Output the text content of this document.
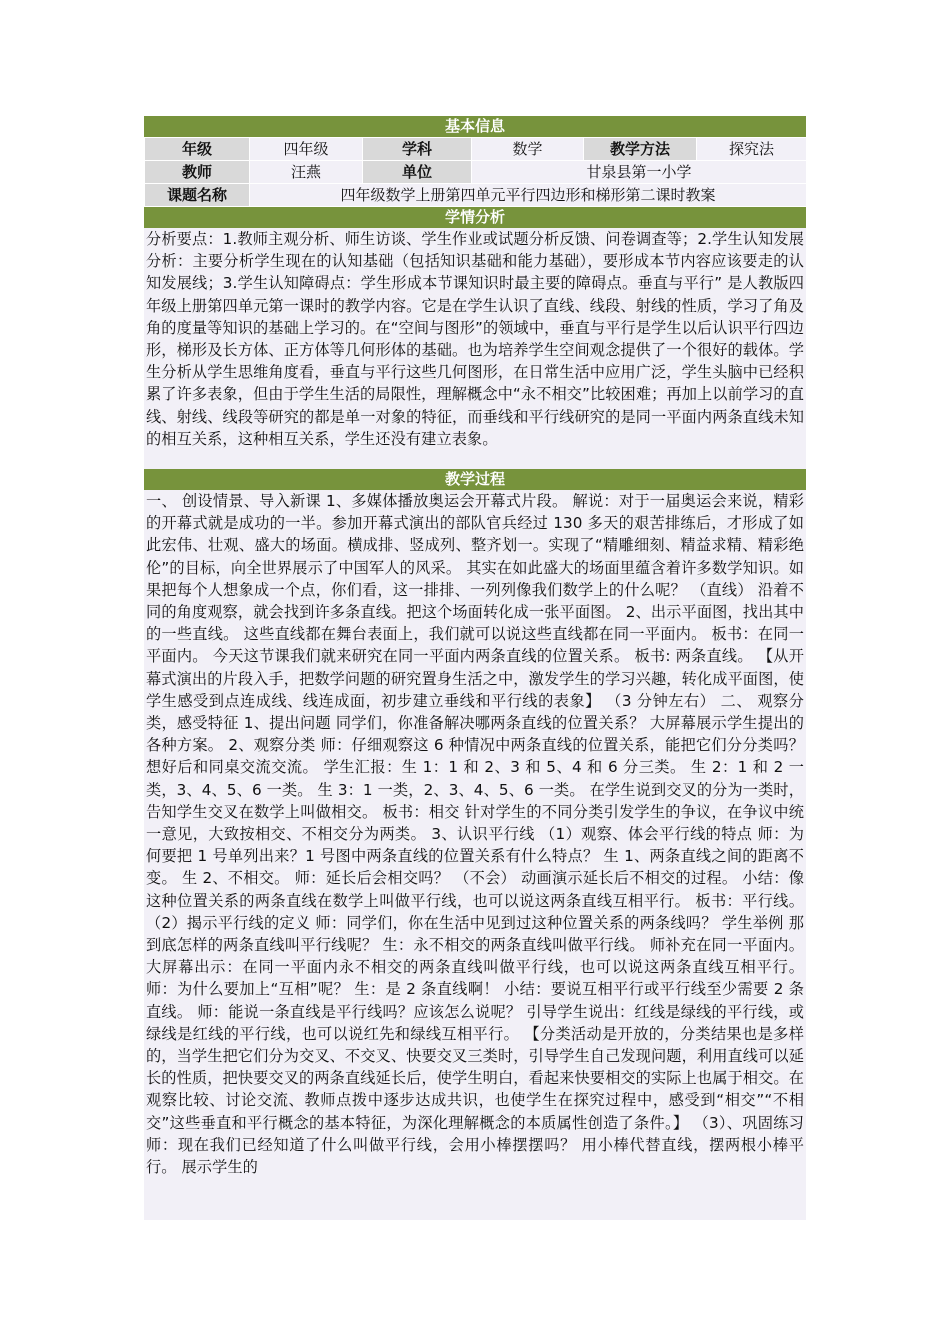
基本信息
年级	四年级	学科	数学	教学方法	探究法
教师	汪燕	单位	甘泉县第一小学		
课题名称	四年级数学上册第四单元平行四边形和梯形第二课时教案				
学情分析
分析要点：1.教师主观分析、师生访谈、学生作业或试题分析反馈、问卷调查等；2.学生认知发展分析：主要分析学生现在的认知基础（包括知识基础和能力基础），要形成本节内容应该要走的认知发展线；3.学生认知障碍点：学生形成本节课知识时最主要的障碍点。垂直与平行” 是人教版四年级上册第四单元第一课时的教学内容。它是在学生认识了直线、线段、射线的性质，学习了角及角的度量等知识的基础上学习的。在“空间与图形”的领域中，垂直与平行是学生以后认识平行四边形，梯形及长方体、正方体等几何形体的基础。也为培养学生空间观念提供了一个很好的载体。学生分析从学生思维角度看，垂直与平行这些几何图形，在日常生活中应用广泛，学生头脑中已经积累了许多表象，但由于学生生活的局限性，理解概念中“永不相交”比较困难；再加上以前学习的直线、射线、线段等研究的都是单一对象的特征，而垂线和平行线研究的是同一平面内两条直线未知的相互关系，这种相互关系，学生还没有建立表象。
教学过程
一、 创设情景、导入新课 1、多媒体播放奥运会开幕式片段。 解说：对于一届奥运会来说，精彩的开幕式就是成功的一半。参加开幕式演出的部队官兵经过 130 多天的艰苦排练后，才形成了如此宏伟、壮观、盛大的场面。横成排、竖成列、整齐划一。实现了“精雕细刻、精益求精、精彩绝伦”的目标，向全世界展示了中国军人的风采。 其实在如此盛大的场面里蕴含着许多数学知识。如果把每个人想象成一个点，你们看，这一排排、一列列像我们数学上的什么呢？ （直线） 沿着不同的角度观察，就会找到许多条直线。把这个场面转化成一张平面图。 2、出示平面图，找出其中的一些直线。 这些直线都在舞台表面上，我们就可以说这些直线都在同一平面内。 板书：在同一平面内。 今天这节课我们就来研究在同一平面内两条直线的位置关系。 板书: 两条直线。 【从开幕式演出的片段入手，把数学问题的研究置身生活之中，激发学生的学习兴趣，转化成平面图，使学生感受到点连成线、线连成面，初步建立垂线和平行线的表象】 （3 分钟左右） 二、 观察分类，感受特征 1、提出问题 同学们，你准备解决哪两条直线的位置关系？ 大屏幕展示学生提出的各种方案。 2、观察分类 师：仔细观察这 6 种情况中两条直线的位置关系，能把它们分分类吗？想好后和同桌交流交流。 学生汇报：生 1：1 和 2、3 和 5、4 和 6 分三类。 生 2：1 和 2 一类，3、4、5、6 一类。 生 3：1 一类，2、3、4、5、6 一类。 在学生说到交叉的分为一类时，告知学生交叉在数学上叫做相交。 板书：相交 针对学生的不同分类引发学生的争议，在争议中统一意见，大致按相交、不相交分为两类。 3、认识平行线 （1）观察、体会平行线的特点 师：为何要把 1 号单列出来？1 号图中两条直线的位置关系有什么特点？ 生 1、两条直线之间的距离不变。 生 2、不相交。 师：延长后会相交吗？ （不会） 动画演示延长后不相交的过程。 小结：像这种位置关系的两条直线在数学上叫做平行线，也可以说这两条直线互相平行。 板书：平行线。 （2）揭示平行线的定义 师：同学们，你在生活中见到过这种位置关系的两条线吗？ 学生举例 那到底怎样的两条直线叫平行线呢？ 生：永不相交的两条直线叫做平行线。 师补充在同一平面内。 大屏幕出示：在同一平面内永不相交的两条直线叫做平行线，也可以说这两条直线互相平行。 师：为什么要加上“互相”呢？ 生：是 2 条直线啊！ 小结：要说互相平行或平行线至少需要 2 条直线。 师：能说一条直线是平行线吗？应该怎么说呢？ 引导学生说出：红线是绿线的平行线，或绿线是红线的平行线，也可以说红先和绿线互相平行。 【分类活动是开放的，分类结果也是多样的，当学生把它们分为交叉、不交叉、快要交叉三类时，引导学生自己发现问题，利用直线可以延长的性质，把快要交叉的两条直线延长后，使学生明白，看起来快要相交的实际上也属于相交。在观察比较、讨论交流、教师点拨中逐步达成共识，也使学生在探究过程中，感受到“相交”“不相交”这些垂直和平行概念的基本特征，为深化理解概念的本质属性创造了条件。】 （3）、巩固练习 师：现在我们已经知道了什么叫做平行线，会用小棒摆摆吗？ 用小棒代替直线，摆两根小棒平行。 展示学生的
